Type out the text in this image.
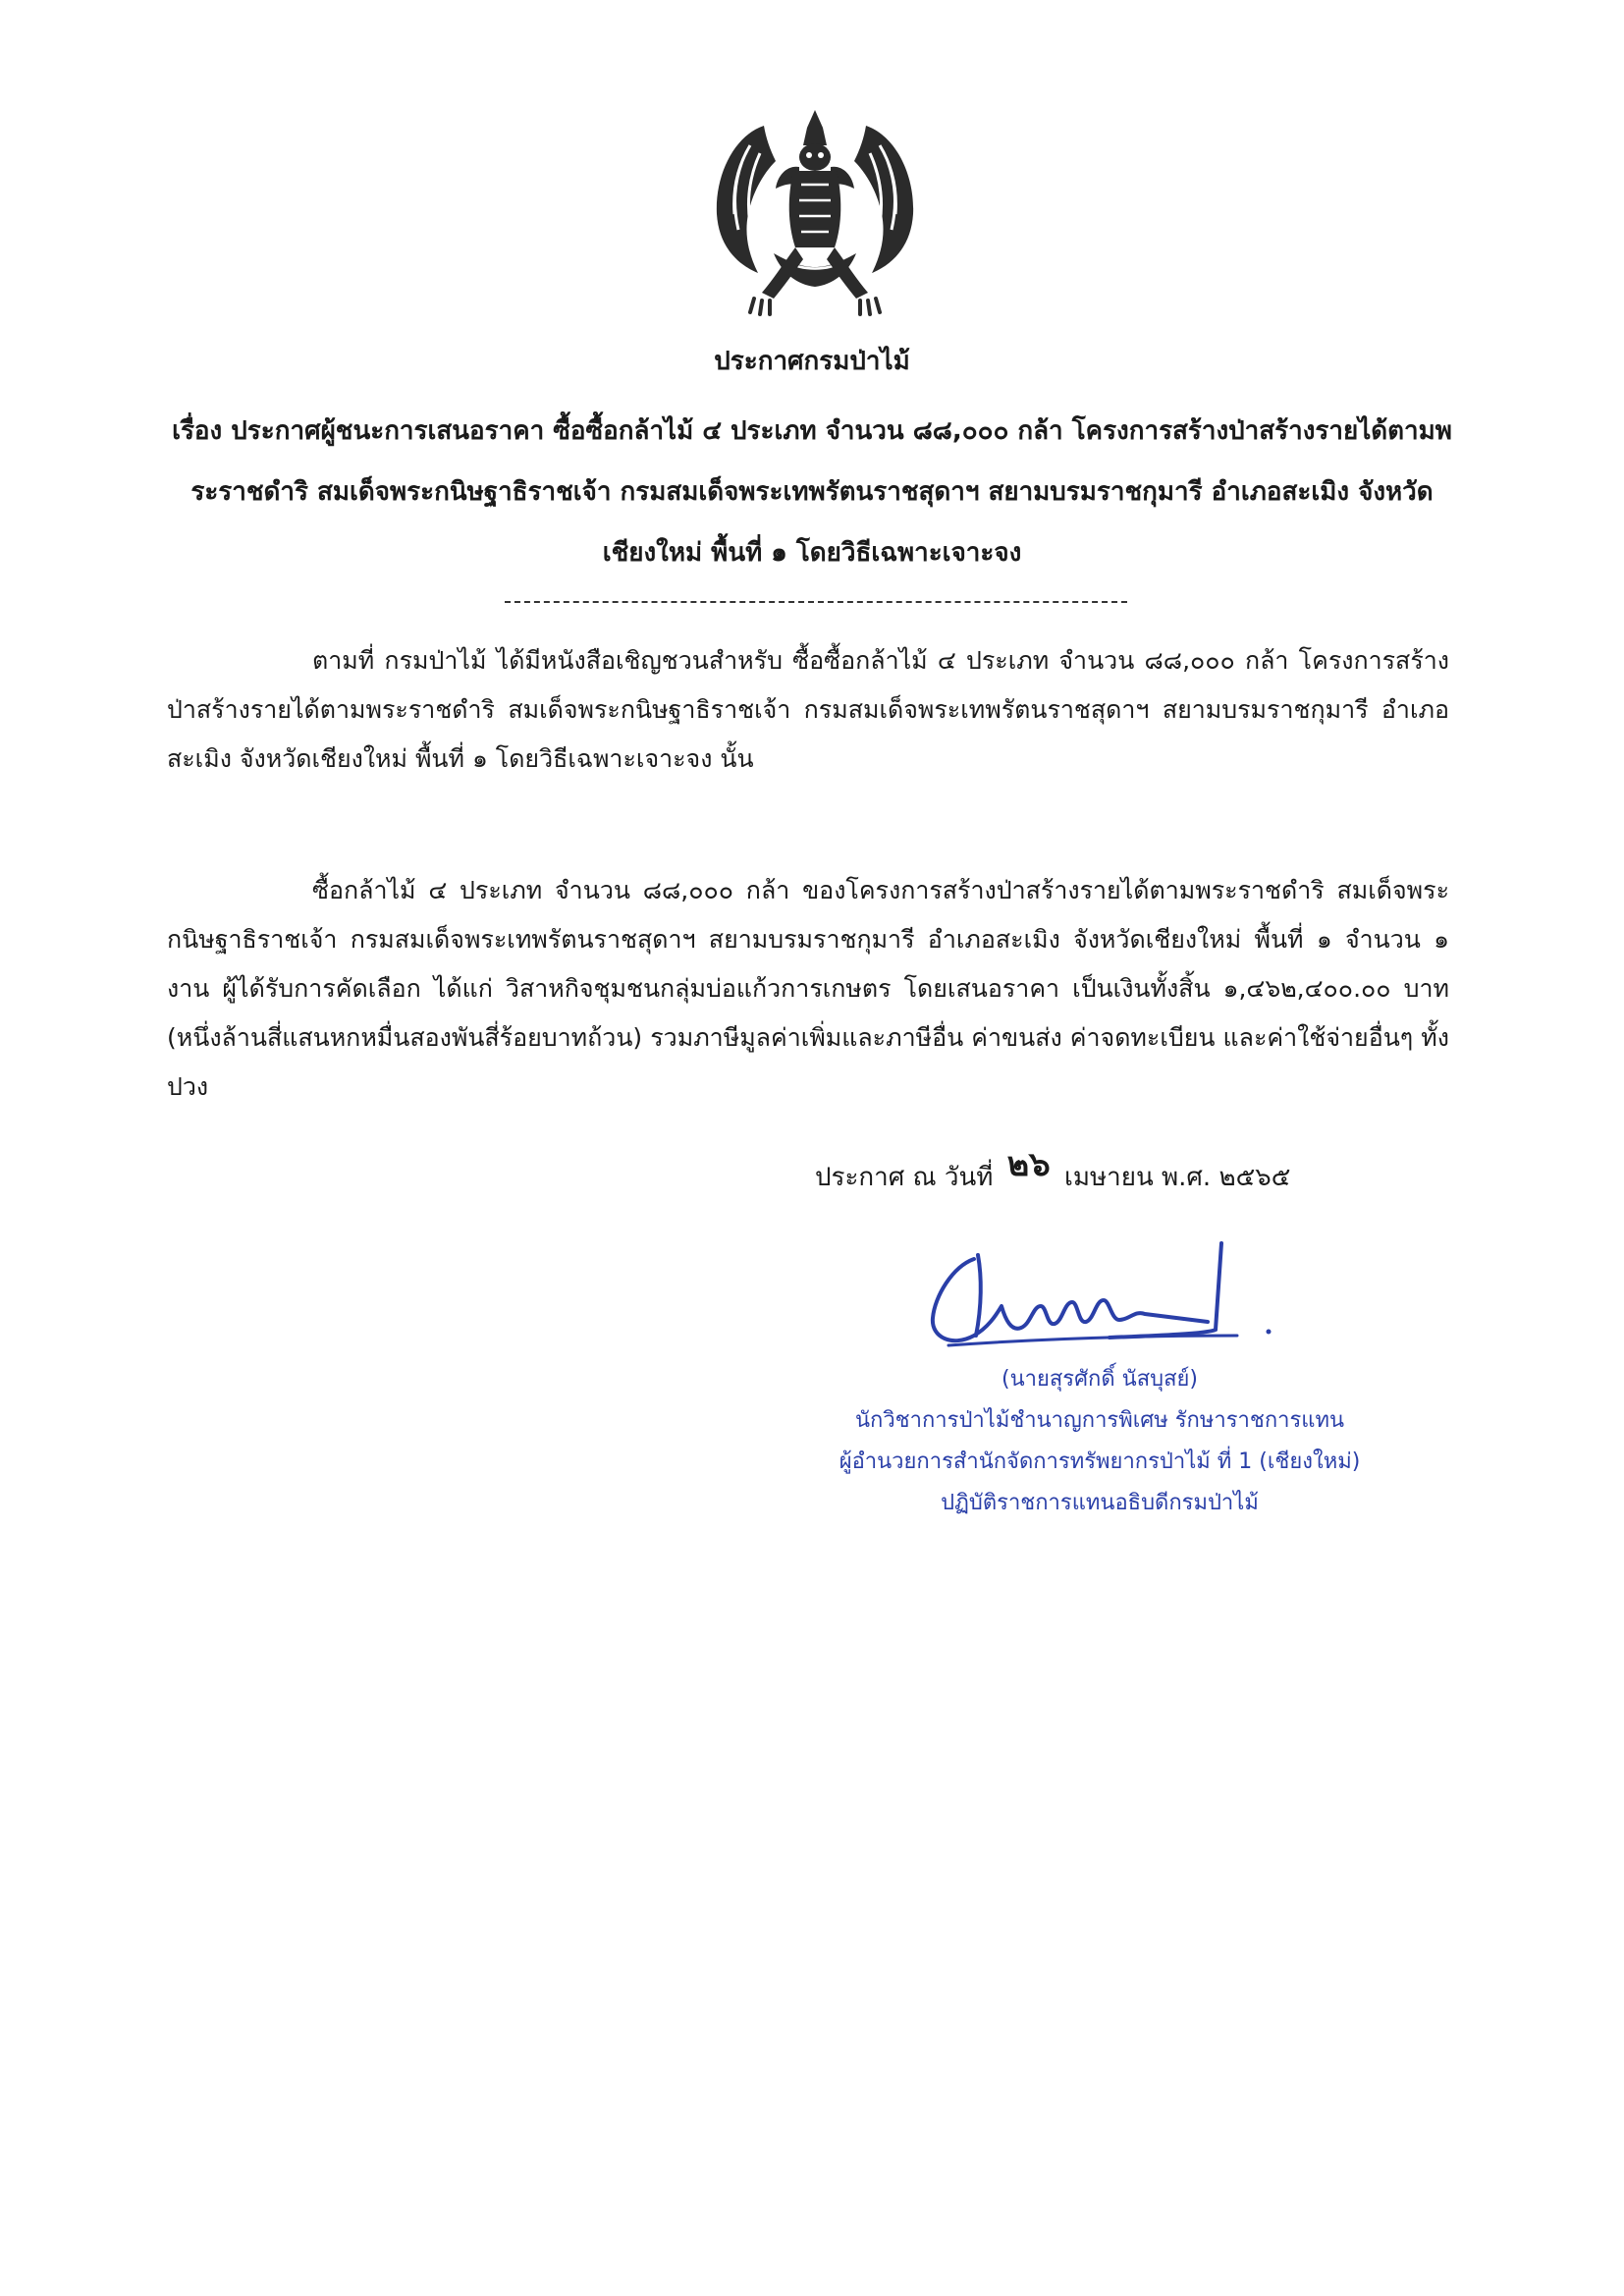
ประกาศกรมป่าไม้
เรื่อง ประกาศผู้ชนะการเสนอราคา ซื้อซื้อกล้าไม้ ๔ ประเภท จำนวน ๘๘,๐๐๐ กล้า โครงการสร้างป่าสร้างรายได้ตามพระราชดำริ สมเด็จพระกนิษฐาธิราชเจ้า กรมสมเด็จพระเทพรัตนราชสุดาฯ สยามบรมราชกุมารี อำเภอสะเมิง จังหวัดเชียงใหม่ พื้นที่ ๑ โดยวิธีเฉพาะเจาะจง
ตามที่ กรมป่าไม้ ได้มีหนังสือเชิญชวนสำหรับ ซื้อซื้อกล้าไม้ ๔ ประเภท จำนวน ๘๘,๐๐๐ กล้า โครงการสร้างป่าสร้างรายได้ตามพระราชดำริ สมเด็จพระกนิษฐาธิราชเจ้า กรมสมเด็จพระเทพรัตนราชสุดาฯ สยามบรมราชกุมารี อำเภอสะเมิง จังหวัดเชียงใหม่ พื้นที่ ๑ โดยวิธีเฉพาะเจาะจง นั้น
ซื้อกล้าไม้ ๔ ประเภท จำนวน ๘๘,๐๐๐ กล้า ของโครงการสร้างป่าสร้างรายได้ตามพระราชดำริ สมเด็จพระกนิษฐาธิราชเจ้า กรมสมเด็จพระเทพรัตนราชสุดาฯ สยามบรมราชกุมารี อำเภอสะเมิง จังหวัดเชียงใหม่ พื้นที่ ๑ จำนวน ๑ งาน ผู้ได้รับการคัดเลือก ได้แก่ วิสาหกิจชุมชนกลุ่มบ่อแก้วการเกษตร โดยเสนอราคา เป็นเงินทั้งสิ้น ๑,๔๖๒,๔๐๐.๐๐ บาท (หนึ่งล้านสี่แสนหกหมื่นสองพันสี่ร้อยบาทถ้วน) รวมภาษีมูลค่าเพิ่มและภาษีอื่น ค่าขนส่ง ค่าจดทะเบียน และค่าใช้จ่ายอื่นๆ ทั้งปวง
ประกาศ ณ วันที่ ๒๖ เมษายน พ.ศ. ๒๕๖๕
(นายสุรศักดิ์ นัสบุสย์)
นักวิชาการป่าไม้ชำนาญการพิเศษ รักษาราชการแทน
ผู้อำนวยการสำนักจัดการทรัพยากรป่าไม้ ที่ 1 (เชียงใหม่)
ปฏิบัติราชการแทนอธิบดีกรมป่าไม้
